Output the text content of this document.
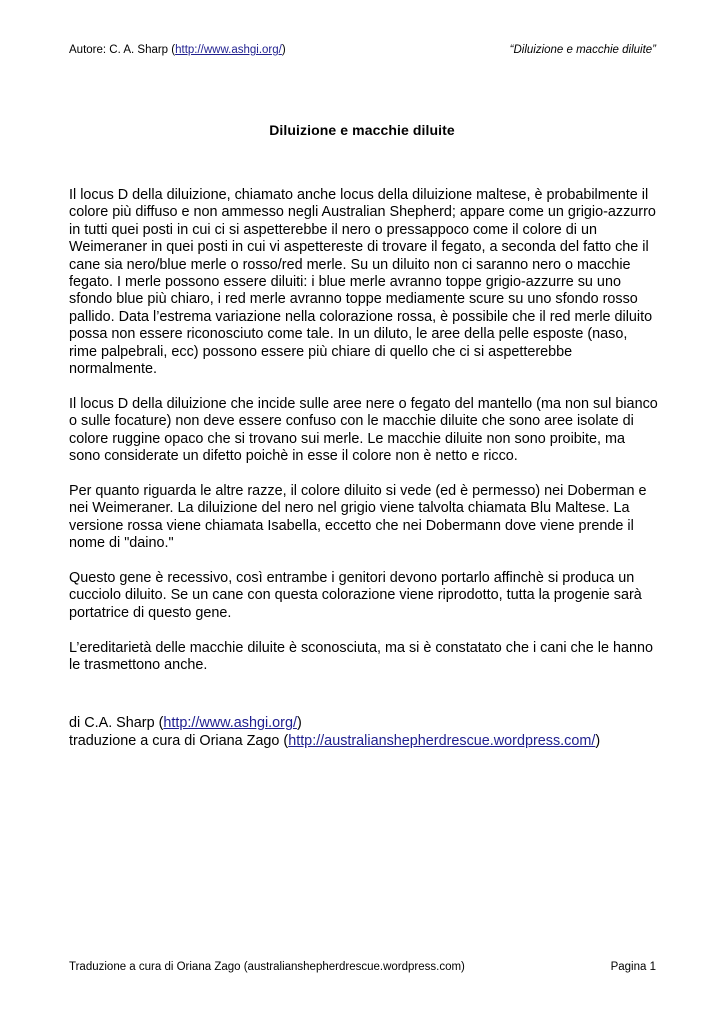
Autore: C. A. Sharp (http://www.ashgi.org/)	“Diluizione e macchie diluite”
Diluizione e macchie diluite

Il locus D della diluizione, chiamato anche locus della diluizione maltese, è probabilmente il colore più diffuso e non ammesso negli Australian Shepherd; appare come un grigio-azzurro in tutti quei posti in cui ci si aspetterebbe il nero o pressappoco come il colore di un Weimeraner in quei posti in cui vi aspettereste di trovare il fegato, a seconda del fatto che il cane sia nero/blue merle o rosso/red merle. Su un diluito non ci saranno nero o macchie fegato. I merle possono essere diluiti: i blue merle avranno toppe grigio-azzurre su uno sfondo blue più chiaro, i red merle avranno toppe mediamente scure su uno sfondo rosso pallido. Data l’estrema variazione nella colorazione rossa, è possibile che il red merle diluito possa non essere riconosciuto come tale. In un diluto, le aree della pelle esposte (naso, rime palpebrali, ecc) possono essere più chiare di quello che ci si aspetterebbe normalmente.

Il locus D della diluizione che incide sulle aree nere o fegato del mantello (ma non sul bianco o sulle focature) non deve essere confuso con le macchie diluite che sono aree isolate di colore ruggine opaco che si trovano sui merle. Le macchie diluite non sono proibite, ma sono considerate un difetto poichè in esse il colore non è netto e ricco.

Per quanto riguarda le altre razze, il colore diluito si vede (ed è permesso) nei Doberman e nei Weimeraner. La diluizione del nero nel grigio viene talvolta chiamata Blu Maltese. La versione rossa viene chiamata Isabella, eccetto che nei Dobermann dove viene prende il nome di "daino."

Questo gene è recessivo, così entrambe i genitori devono portarlo affinchè si produca un cucciolo diluito. Se un cane con questa colorazione viene riprodotto, tutta la progenie sarà portatrice di questo gene.

L’ereditarietà delle macchie diluite è sconosciuta, ma si è constatato che i cani che le hanno le trasmettono anche.

di C.A. Sharp (http://www.ashgi.org/)
traduzione a cura di Oriana Zago (http://australianshepherdrescue.wordpress.com/)
Traduzione a cura di Oriana Zago (australianshepherdrescue.wordpress.com)	Pagina 1
